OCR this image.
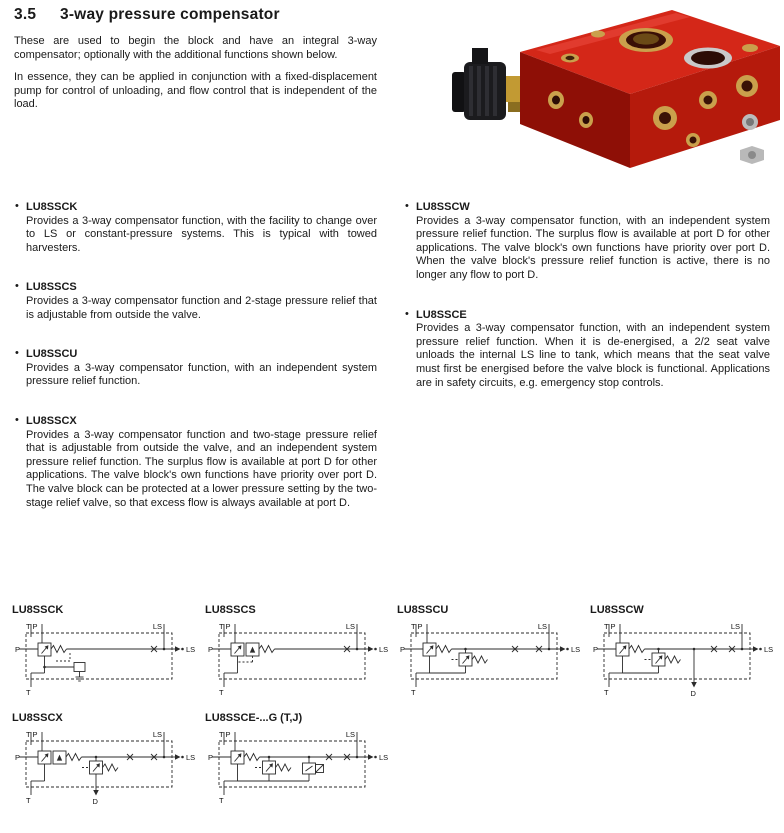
3.5 3-way pressure compensator

These are used to begin the block and have an integral 3-way compensator; optionally with the additional functions shown below.

In essence, they can be applied in conjunction with a fixed-displacement pump for control of unloading, and flow control that is independent of the load.

• LU8SSCK
Provides a 3-way compensator function, with the facility to change over to LS or constant-pressure systems. This is typical with towed harvesters.
• LU8SSCS
Provides a 3-way compensator function and 2-stage pressure relief that is adjustable from outside the valve.
• LU8SSCU
Provides a 3-way compensator function, with an independent system pressure relief function.
• LU8SSCX
Provides a 3-way compensator function and two-stage pressure relief that is adjustable from outside the valve, and an independent system pressure relief function. The surplus flow is available at port D for other applications. The valve block's own functions have priority over port D. The valve block can be protected at a lower pressure setting by the two-stage relief valve, so that excess flow is always available at port D.
• LU8SSCW
Provides a 3-way compensator function, with an independent system pressure relief function. The surplus flow is available at port D for other applications. The valve block's own functions have priority over port D. When the valve block's pressure relief function is active, there is no longer any flow to port D.
• LU8SSCE
Provides a 3-way compensator function, with an independent system pressure relief function. When it is de-energised, a 2/2 seat valve unloads the internal LS line to tank, which means that the seat valve must first be energised before the valve block is functional. Applications are in safety circuits, e.g. emergency stop controls.
LU8SSCK
T P	LS
P
T
LS
LU8SSCS
T P	LS
P
T
LS
LU8SSCU
T P	LS
P
T
LS
LU8SSCW
T P	LS
P
T
LS
D
LU8SSCX
T P	LS
P
T
LS
D
LU8SSCE-...G (T,J)
T P	LS
P
T
LS
